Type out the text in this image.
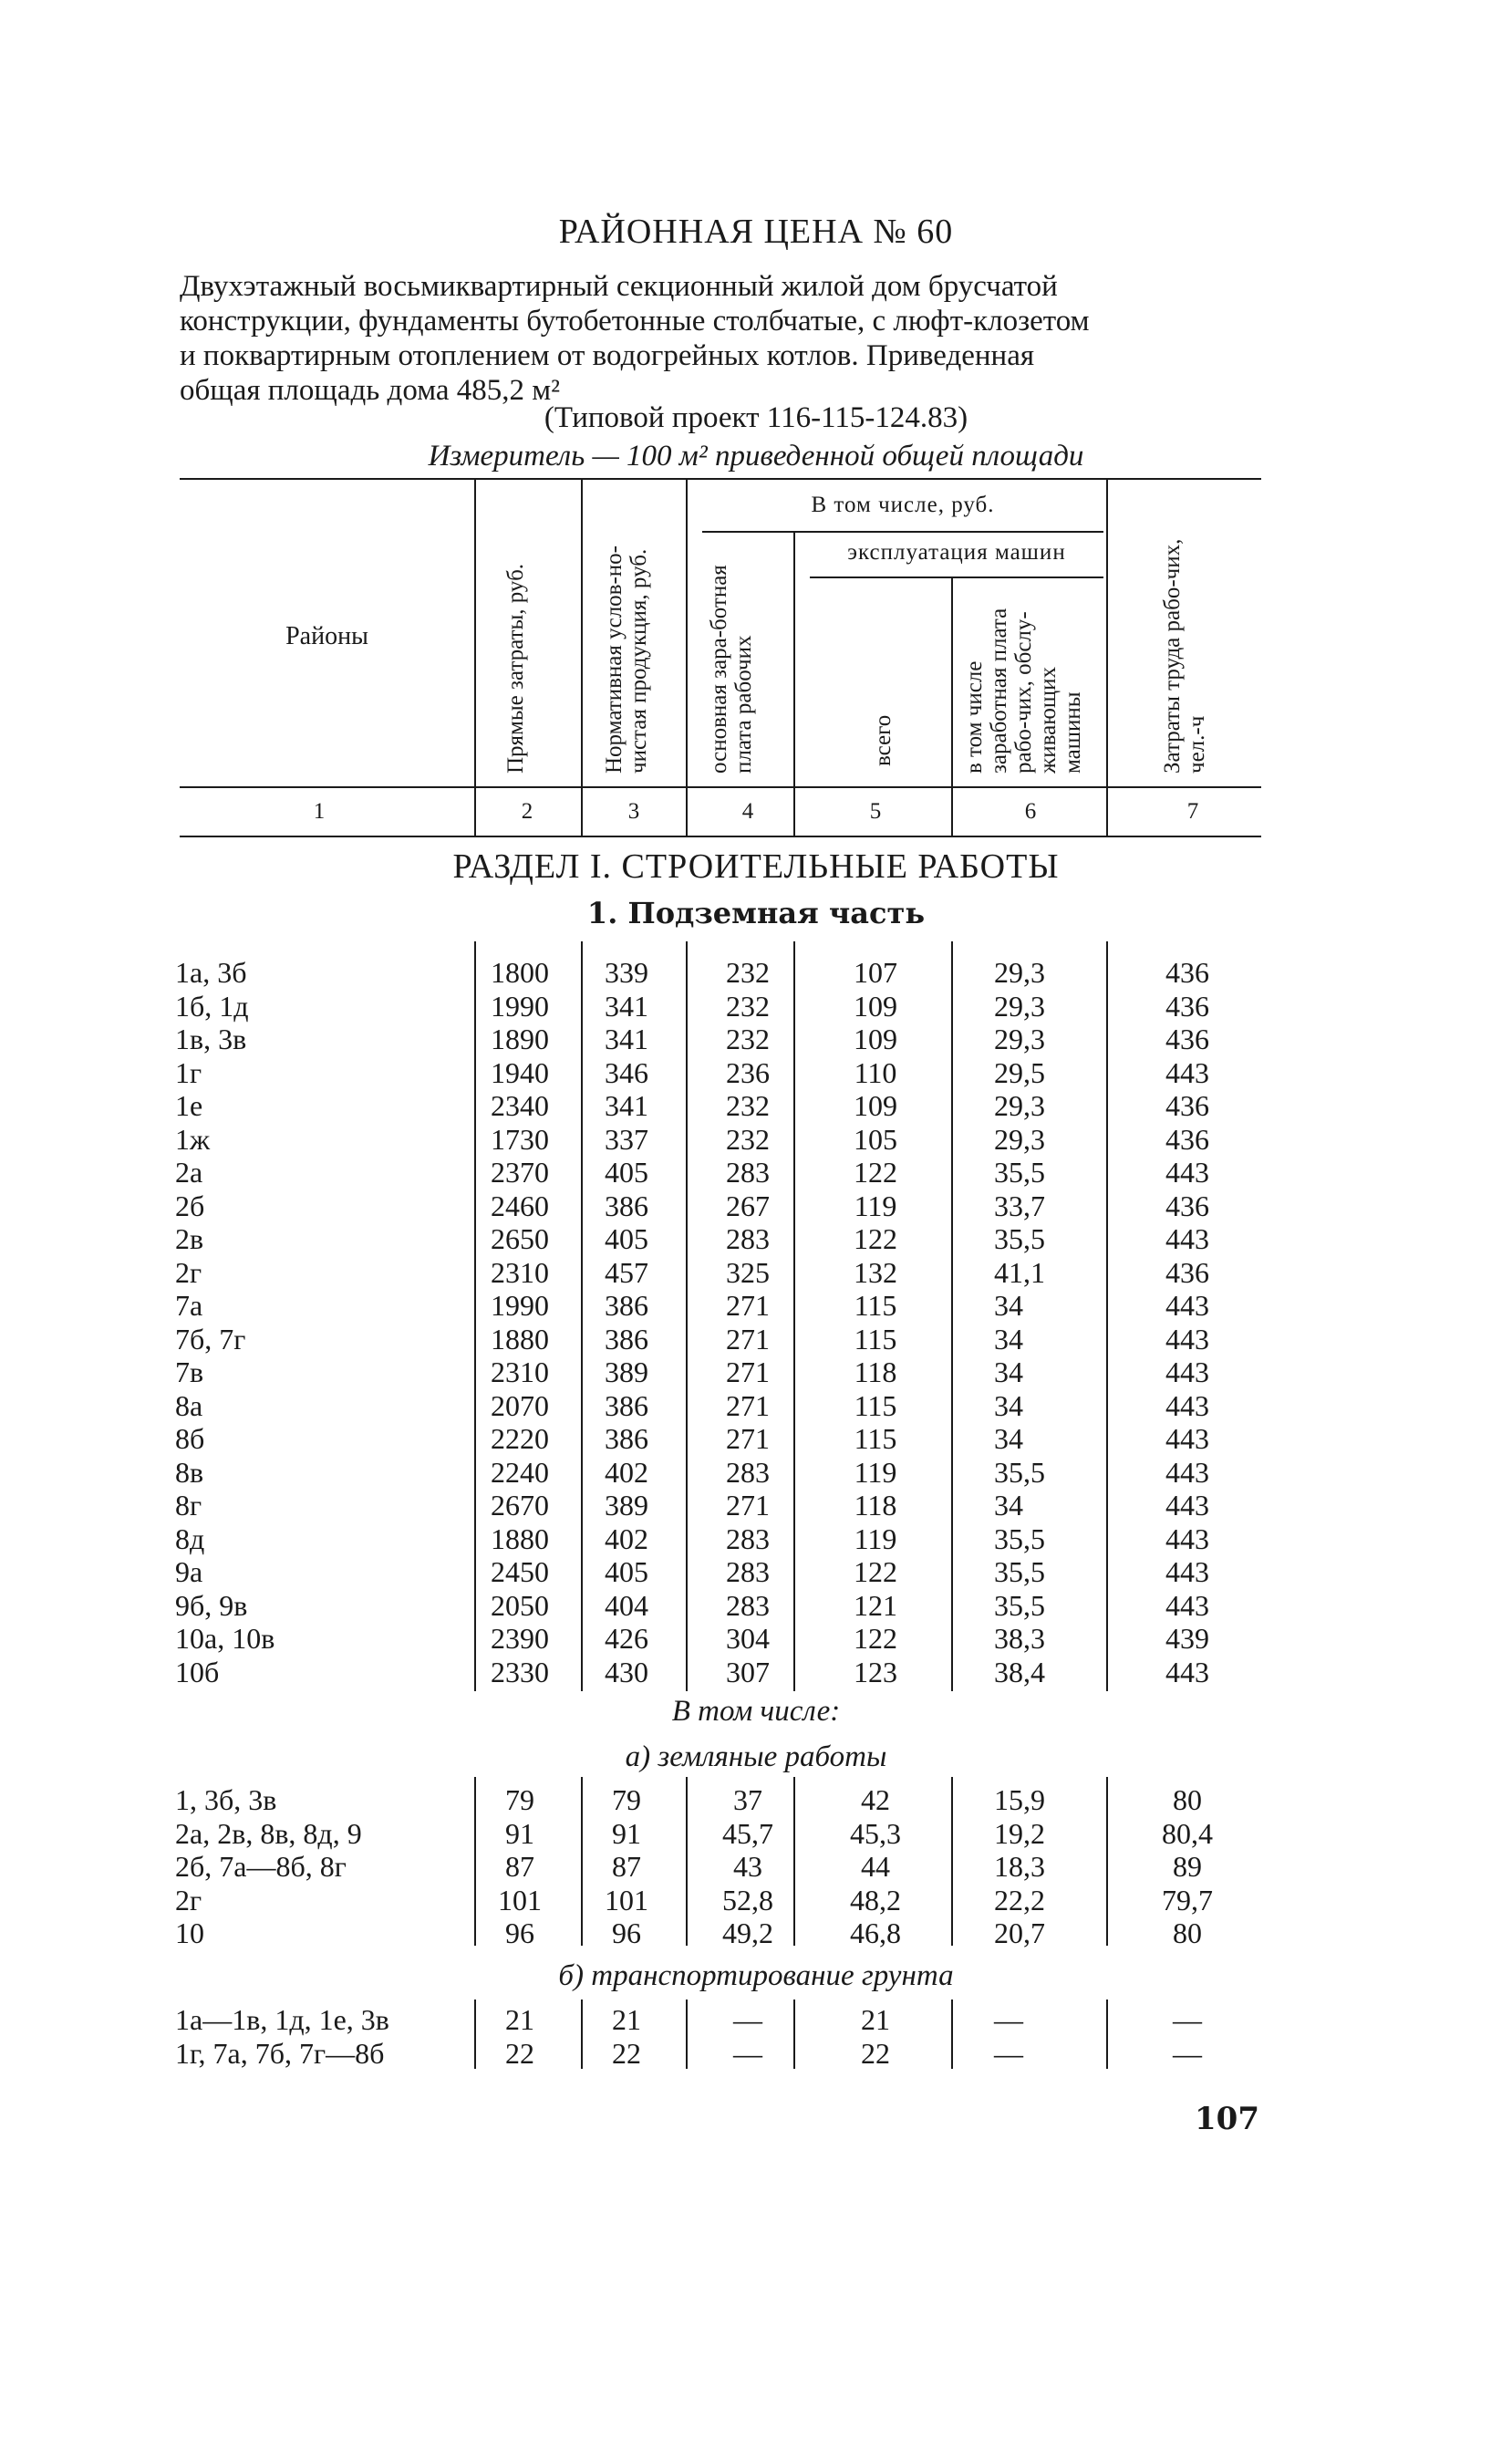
РАЙОННАЯ ЦЕНА № 60
Двухэтажный восьмиквартирный секционный жилой дом брусчатой
конструкции, фундаменты бутобетонные столбчатые, с люфт-клозетом
и поквартирным отоплением от водогрейных котлов. Приведенная
общая площадь дома 485,2 м²
(Типовой проект 116-115-124.83)
Измеритель — 100 м² приведенной общей площади
Районы	Прямые затраты, руб.	Нормативная услов-но-чистая продукция, руб.
В том числе, руб.
основная зара-ботная плата рабочих
эксплуатация машин
всего	в том числе заработная плата рабо-чих, обслу-живающих машины	Затраты труда рабо-чих, чел.-ч
1	2	3	4	5	6	7
РАЗДЕЛ I. СТРОИТЕЛЬНЫЕ РАБОТЫ
1. Подземная часть
1а, 3б	1800	339	232	107	29,3	436
1б, 1д	1990	341	232	109	29,3	436
1в, 3в	1890	341	232	109	29,3	436
1г	1940	346	236	110	29,5	443
1е	2340	341	232	109	29,3	436
1ж	1730	337	232	105	29,3	436
2а	2370	405	283	122	35,5	443
2б	2460	386	267	119	33,7	436
2в	2650	405	283	122	35,5	443
2г	2310	457	325	132	41,1	436
7а	1990	386	271	115	34	443
7б, 7г	1880	386	271	115	34	443
7в	2310	389	271	118	34	443
8а	2070	386	271	115	34	443
8б	2220	386	271	115	34	443
8в	2240	402	283	119	35,5	443
8г	2670	389	271	118	34	443
8д	1880	402	283	119	35,5	443
9а	2450	405	283	122	35,5	443
9б, 9в	2050	404	283	121	35,5	443
10а, 10в	2390	426	304	122	38,3	439
10б	2330	430	307	123	38,4	443
В том числе:
а) земляные работы
1, 3б, 3в	79	79	37	42	15,9	80
2а, 2в, 8в, 8д, 9	91	91	45,7	45,3	19,2	80,4
2б, 7а—8б, 8г	87	87	43	44	18,3	89
2г	101	101	52,8	48,2	22,2	79,7
10	96	96	49,2	46,8	20,7	80
б) транспортирование грунта
1а—1в, 1д, 1е, 3в	21	21	—	21	—	—
1г, 7а, 7б, 7г—8б	22	22	—	22	—	—
107
